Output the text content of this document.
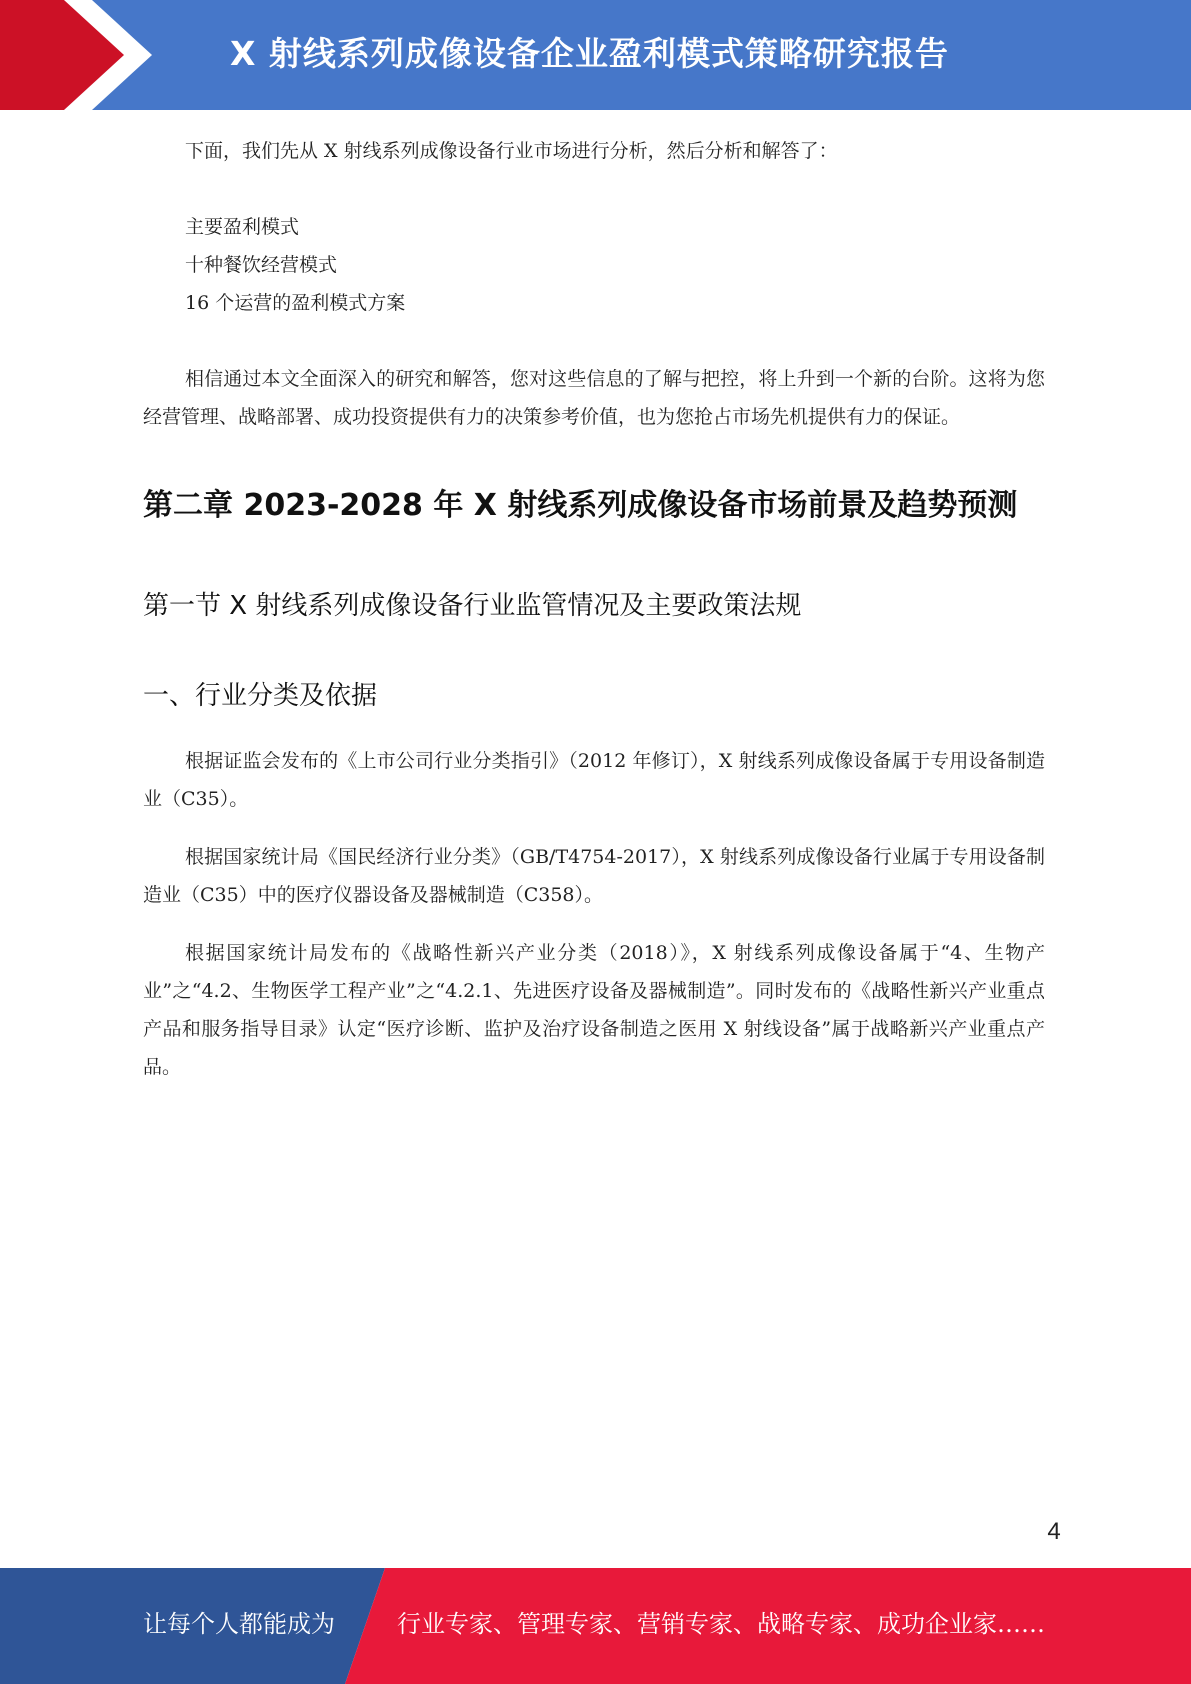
X 射线系列成像设备企业盈利模式策略研究报告

下面，我们先从 X 射线系列成像设备行业市场进行分析，然后分析和解答了：

主要盈利模式
十种餐饮经营模式
16 个运营的盈利模式方案

相信通过本文全面深入的研究和解答，您对这些信息的了解与把控，将上升到一个新的台阶。这将为您经营管理、战略部署、成功投资提供有力的决策参考价值，也为您抢占市场先机提供有力的保证。

第二章 2023-2028 年 X 射线系列成像设备市场前景及趋势预测
第一节 X 射线系列成像设备行业监管情况及主要政策法规
一、行业分类及依据

根据证监会发布的《上市公司行业分类指引》（2012 年修订），X 射线系列成像设备属于专用设备制造业（C35）。

根据国家统计局《国民经济行业分类》（GB/T4754-2017），X 射线系列成像设备行业属于专用设备制造业（C35）中的医疗仪器设备及器械制造（C358）。

根据国家统计局发布的《战略性新兴产业分类（2018）》，X 射线系列成像设备属于“4、生物产业”之“4.2、生物医学工程产业”之“4.2.1、先进医疗设备及器械制造”。同时发布的《战略性新兴产业重点产品和服务指导目录》认定“医疗诊断、监护及治疗设备制造之医用 X 射线设备”属于战略新兴产业重点产品。

4
让每个人都能成为	行业专家、管理专家、营销专家、战略专家、成功企业家……
